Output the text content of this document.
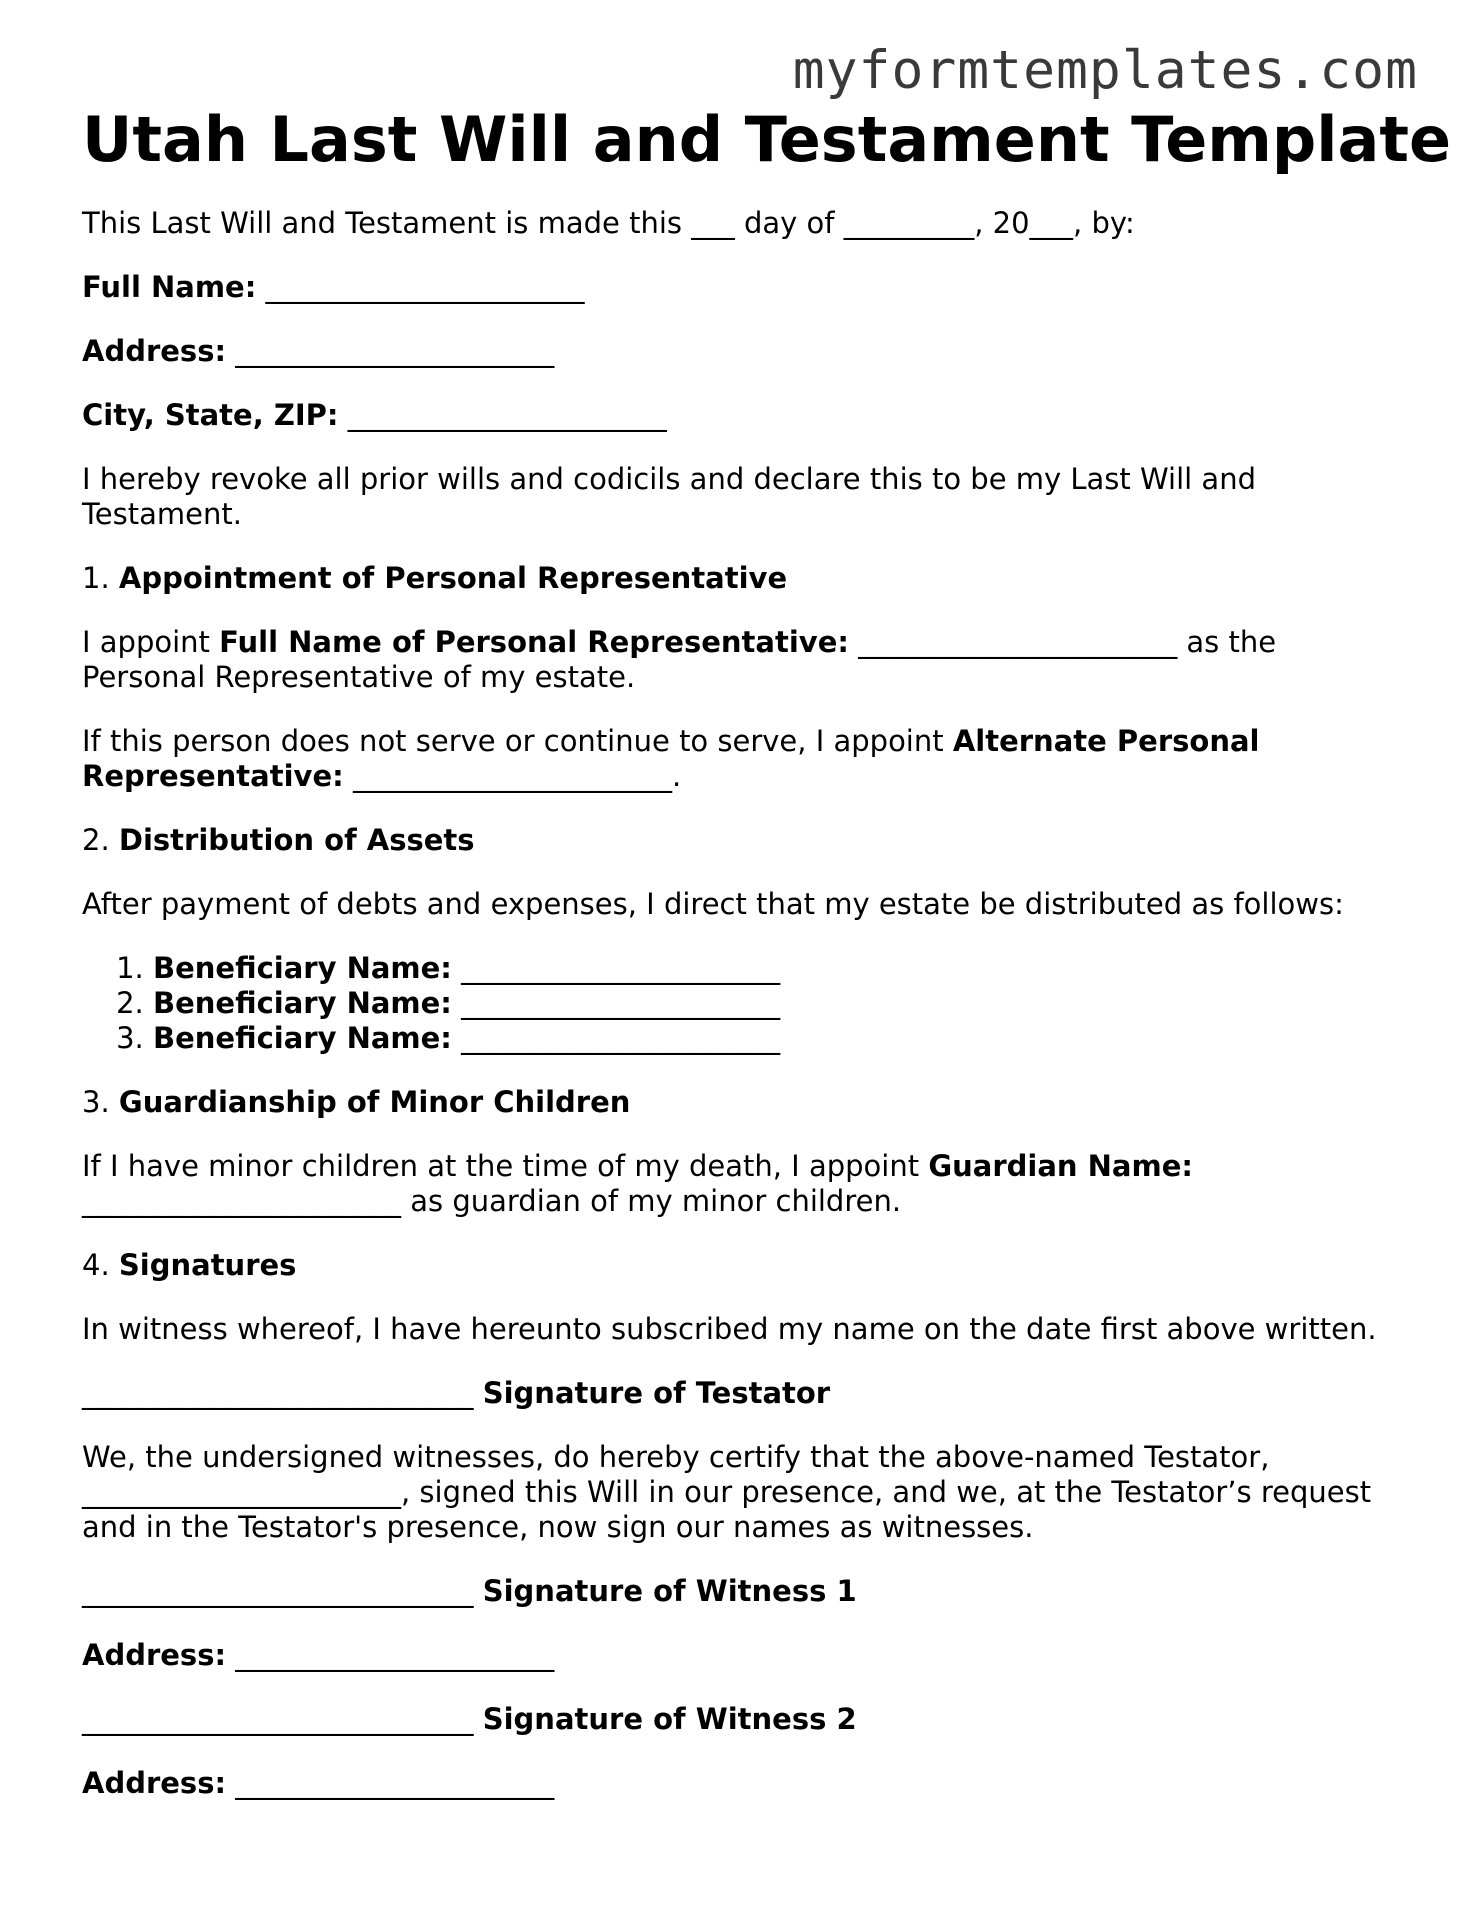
myformtemplates.com
Utah Last Will and Testament Template

This Last Will and Testament is made this ___ day of _________, 20___, by:

Full Name: ______________________

Address: ______________________

City, State, ZIP: ______________________

I hereby revoke all prior wills and codicils and declare this to be my Last Will and Testament.

1. Appointment of Personal Representative

I appoint Full Name of Personal Representative: ______________________ as the Personal Representative of my estate.

If this person does not serve or continue to serve, I appoint Alternate Personal Representative: ______________________.

2. Distribution of Assets

After payment of debts and expenses, I direct that my estate be distributed as follows:

1. Beneficiary Name: ______________________
2. Beneficiary Name: ______________________
3. Beneficiary Name: ______________________

3. Guardianship of Minor Children

If I have minor children at the time of my death, I appoint Guardian Name: ______________________ as guardian of my minor children.

4. Signatures

In witness whereof, I have hereunto subscribed my name on the date first above written.

___________________________ Signature of Testator

We, the undersigned witnesses, do hereby certify that the above-named Testator, ______________________, signed this Will in our presence, and we, at the Testator’s request and in the Testator's presence, now sign our names as witnesses.

___________________________ Signature of Witness 1

Address: ______________________

___________________________ Signature of Witness 2

Address: ______________________
